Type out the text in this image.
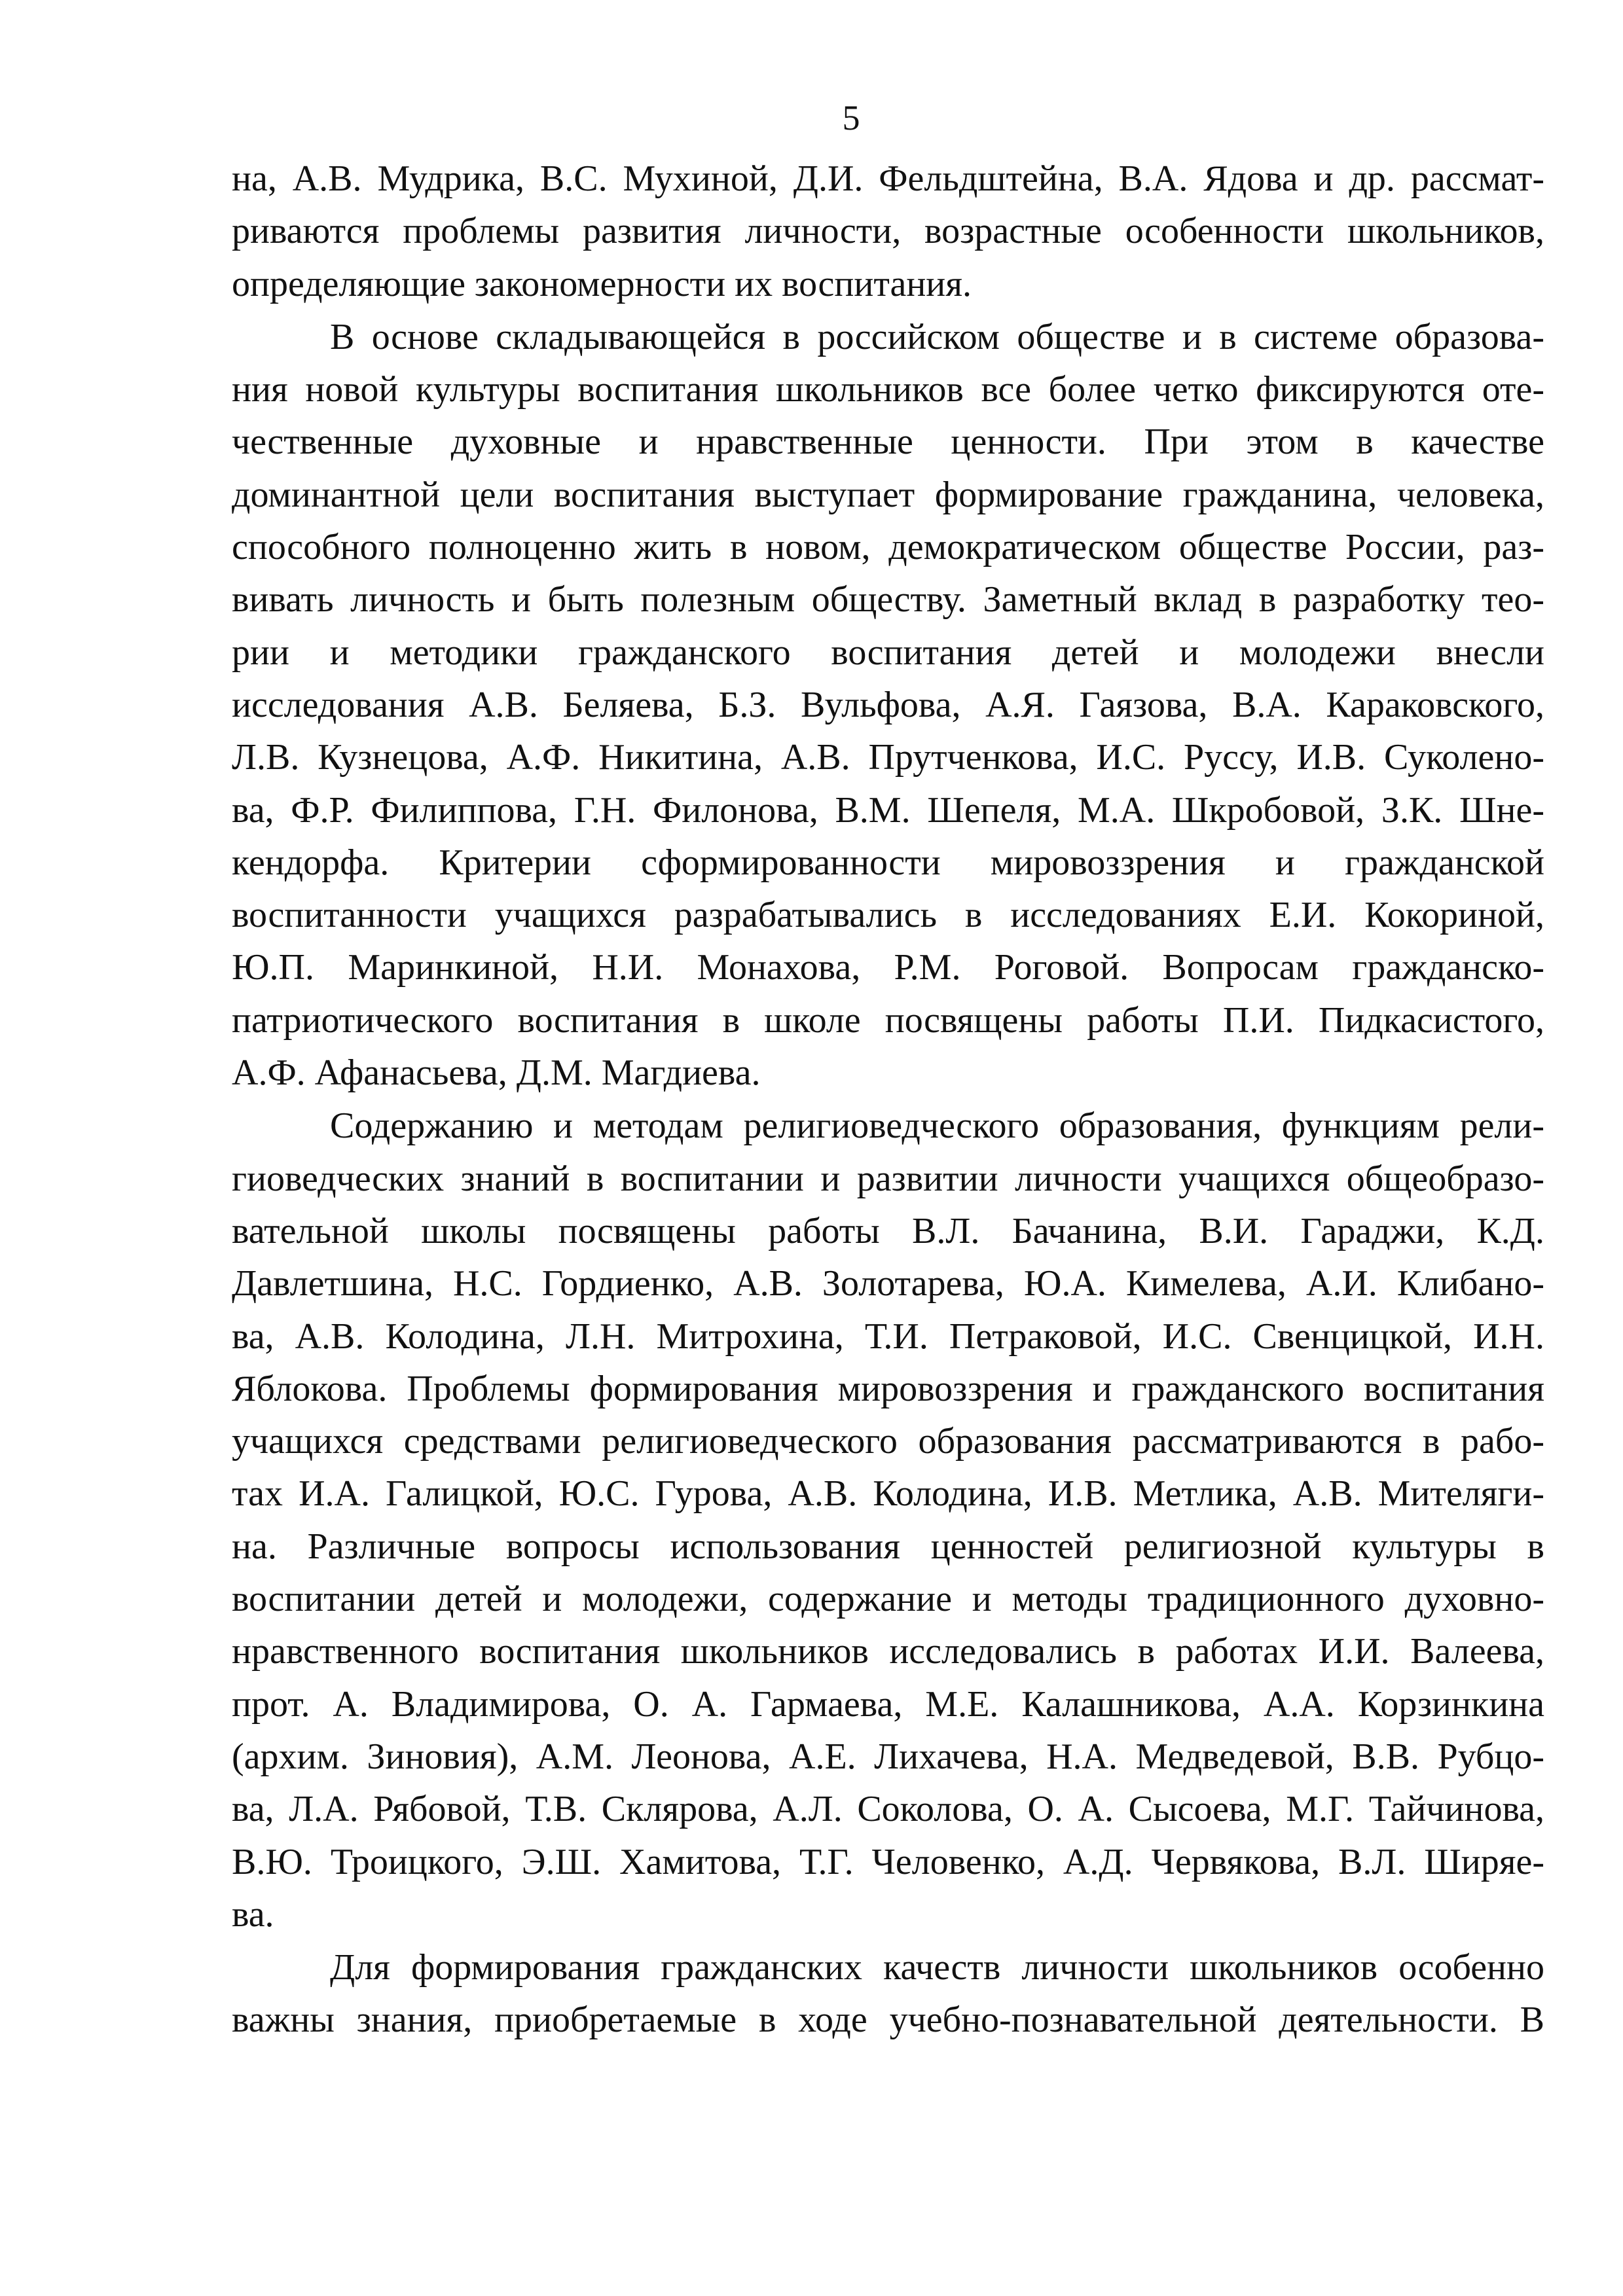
5

на, А.В. Мудрика, В.С. Мухиной, Д.И. Фельдштейна, В.А. Ядова и др. рассмат-
риваются проблемы развития личности, возрастные особенности школьников,
определяющие закономерности их воспитания.

В основе складывающейся в российском обществе и в системе образова-
ния новой культуры воспитания школьников все более четко фиксируются оте-
чественные духовные и нравственные ценности. При этом в качестве
доминантной цели воспитания выступает формирование гражданина, человека,
способного полноценно жить в новом, демократическом обществе России, раз-
вивать личность и быть полезным обществу. Заметный вклад в разработку тео-
рии и методики гражданского воспитания детей и молодежи внесли
исследования А.В. Беляева, Б.З. Вульфова, А.Я. Гаязова, В.А. Караковского,
Л.В. Кузнецова, А.Ф. Никитина, А.В. Прутченкова, И.С. Руссу, И.В. Суколено-
ва, Ф.Р. Филиппова, Г.Н. Филонова, В.М. Шепеля, М.А. Шкробовой, З.К. Шне-
кендорфа. Критерии сформированности мировоззрения и гражданской
воспитанности учащихся разрабатывались в исследованиях Е.И. Кокориной,
Ю.П. Маринкиной, Н.И. Монахова, Р.М. Роговой. Вопросам гражданско-
патриотического воспитания в школе посвящены работы П.И. Пидкасистого,
А.Ф. Афанасьева, Д.М. Магдиева.

Содержанию и методам религиоведческого образования, функциям рели-
гиоведческих знаний в воспитании и развитии личности учащихся общеобразо-
вательной школы посвящены работы В.Л. Бачанина, В.И. Гараджи, К.Д.
Давлетшина, Н.С. Гордиенко, А.В. Золотарева, Ю.А. Кимелева, А.И. Клибано-
ва, А.В. Колодина, Л.Н. Митрохина, Т.И. Петраковой, И.С. Свенцицкой, И.Н.
Яблокова. Проблемы формирования мировоззрения и гражданского воспитания
учащихся средствами религиоведческого образования рассматриваются в рабо-
тах И.А. Галицкой, Ю.С. Гурова, А.В. Колодина, И.В. Метлика, А.В. Мителяги-
на. Различные вопросы использования ценностей религиозной культуры в
воспитании детей и молодежи, содержание и методы традиционного духовно-
нравственного воспитания школьников исследовались в работах И.И. Валеева,
прот. А. Владимирова, О. А. Гармаева, М.Е. Калашникова, А.А. Корзинкина
(архим. Зиновия), А.М. Леонова, А.Е. Лихачева, Н.А. Медведевой, В.В. Рубцо-
ва, Л.А. Рябовой, Т.В. Склярова, А.Л. Соколова, О. А. Сысоева, М.Г. Тайчинова,
В.Ю. Троицкого, Э.Ш. Хамитова, Т.Г. Человенко, А.Д. Червякова, В.Л. Ширяе-
ва.

Для формирования гражданских качеств личности школьников особенно
важны знания, приобретаемые в ходе учебно-познавательной деятельности. В
